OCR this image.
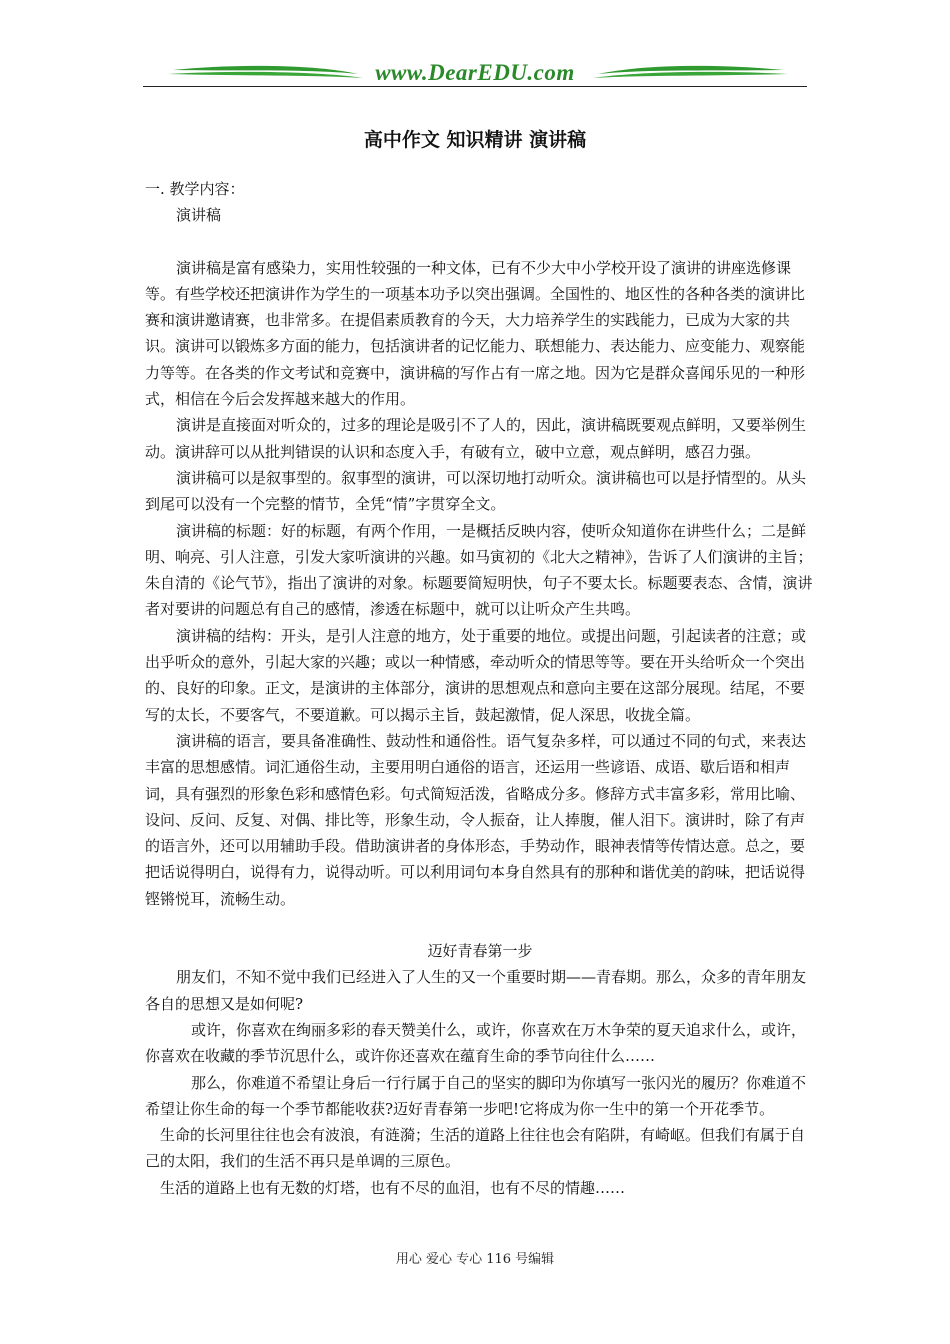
www.DearEDU.com
高中作文 知识精讲 演讲稿

一. 教学内容：

演讲稿

演讲稿是富有感染力，实用性较强的一种文体，已有不少大中小学校开设了演讲的讲座选修课等。有些学校还把演讲作为学生的一项基本功予以突出强调。全国性的、地区性的各种各类的演讲比赛和演讲邀请赛，也非常多。在提倡素质教育的今天，大力培养学生的实践能力，已成为大家的共识。演讲可以锻炼多方面的能力，包括演讲者的记忆能力、联想能力、表达能力、应变能力、观察能力等等。在各类的作文考试和竞赛中，演讲稿的写作占有一席之地。因为它是群众喜闻乐见的一种形式，相信在今后会发挥越来越大的作用。

演讲是直接面对听众的，过多的理论是吸引不了人的，因此，演讲稿既要观点鲜明，又要举例生动。演讲辞可以从批判错误的认识和态度入手，有破有立，破中立意，观点鲜明，感召力强。

演讲稿可以是叙事型的。叙事型的演讲，可以深切地打动听众。演讲稿也可以是抒情型的。从头到尾可以没有一个完整的情节，全凭“情”字贯穿全文。

演讲稿的标题：好的标题，有两个作用，一是概括反映内容，使听众知道你在讲些什么；二是鲜明、响亮、引人注意，引发大家听演讲的兴趣。如马寅初的《北大之精神》，告诉了人们演讲的主旨；朱自清的《论气节》，指出了演讲的对象。标题要简短明快，句子不要太长。标题要表态、含情，演讲者对要讲的问题总有自己的感情，渗透在标题中，就可以让听众产生共鸣。

演讲稿的结构：开头，是引人注意的地方，处于重要的地位。或提出问题，引起读者的注意；或出乎听众的意外，引起大家的兴趣；或以一种情感，牵动听众的情思等等。要在开头给听众一个突出的、良好的印象。正文，是演讲的主体部分，演讲的思想观点和意向主要在这部分展现。结尾，不要写的太长，不要客气，不要道歉。可以揭示主旨，鼓起激情，促人深思，收拢全篇。

演讲稿的语言，要具备准确性、鼓动性和通俗性。语气复杂多样，可以通过不同的句式，来表达丰富的思想感情。词汇通俗生动，主要用明白通俗的语言，还运用一些谚语、成语、歇后语和相声词，具有强烈的形象色彩和感情色彩。句式简短活泼，省略成分多。修辞方式丰富多彩，常用比喻、设问、反问、反复、对偶、排比等，形象生动，令人振奋，让人捧腹，催人泪下。演讲时，除了有声的语言外，还可以用辅助手段。借助演讲者的身体形态，手势动作，眼神表情等传情达意。总之，要把话说得明白，说得有力，说得动听。可以利用词句本身自然具有的那种和谐优美的韵味，把话说得铿锵悦耳，流畅生动。

迈好青春第一步

朋友们，不知不觉中我们已经进入了人生的又一个重要时期——青春期。那么，众多的青年朋友各自的思想又是如何呢?

或许，你喜欢在绚丽多彩的春天赞美什么，或许，你喜欢在万木争荣的夏天追求什么，或许，你喜欢在收藏的季节沉思什么，或许你还喜欢在蕴育生命的季节向往什么……

那么，你难道不希望让身后一行行属于自己的坚实的脚印为你填写一张闪光的履历？你难道不希望让你生命的每一个季节都能收获?迈好青春第一步吧!它将成为你一生中的第一个开花季节。

生命的长河里往往也会有波浪，有涟漪；生活的道路上往往也会有陷阱，有崎岖。但我们有属于自己的太阳，我们的生活不再只是单调的三原色。

生活的道路上也有无数的灯塔，也有不尽的血泪，也有不尽的情趣……

用心 爱心 专心 116 号编辑
